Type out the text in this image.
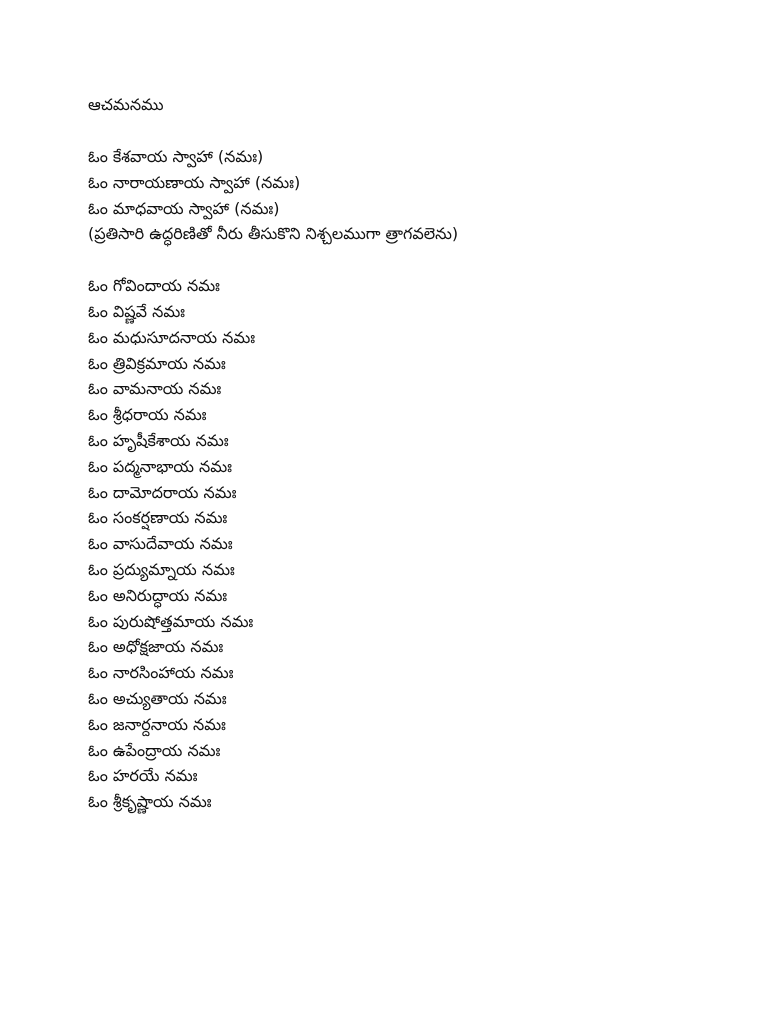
ఆచమనము
ఓం కేశవాయ స్వాహా (నమః)
ఓం నారాయణాయ స్వాహా (నమః)
ఓం మాధవాయ స్వాహా (నమః)
(ప్రతిసారి ఉద్ధరిణితో నీరు తీసుకొని నిశ్చలముగా త్రాగవలెను)
ఓం గోవిందాయ నమః
ఓం విష్ణవే నమః
ఓం మధుసూదనాయ నమః
ఓం త్రివిక్రమాయ నమః
ఓం వామనాయ నమః
ఓం శ్రీధరాయ నమః
ఓం హృషీకేశాయ నమః
ఓం పద్మనాభాయ నమః
ఓం దామోదరాయ నమః
ఓం సంకర్షణాయ నమః
ఓం వాసుదేవాయ నమః
ఓం ప్రద్యుమ్నాయ నమః
ఓం అనిరుద్ధాయ నమః
ఓం పురుషోత్తమాయ నమః
ఓం అధోక్షజాయ నమః
ఓం నారసింహాయ నమః
ఓం అచ్యుతాయ నమః
ఓం జనార్దనాయ నమః
ఓం ఉపేంద్రాయ నమః
ఓం హరయే నమః
ఓం శ్రీకృష్ణాయ నమః
